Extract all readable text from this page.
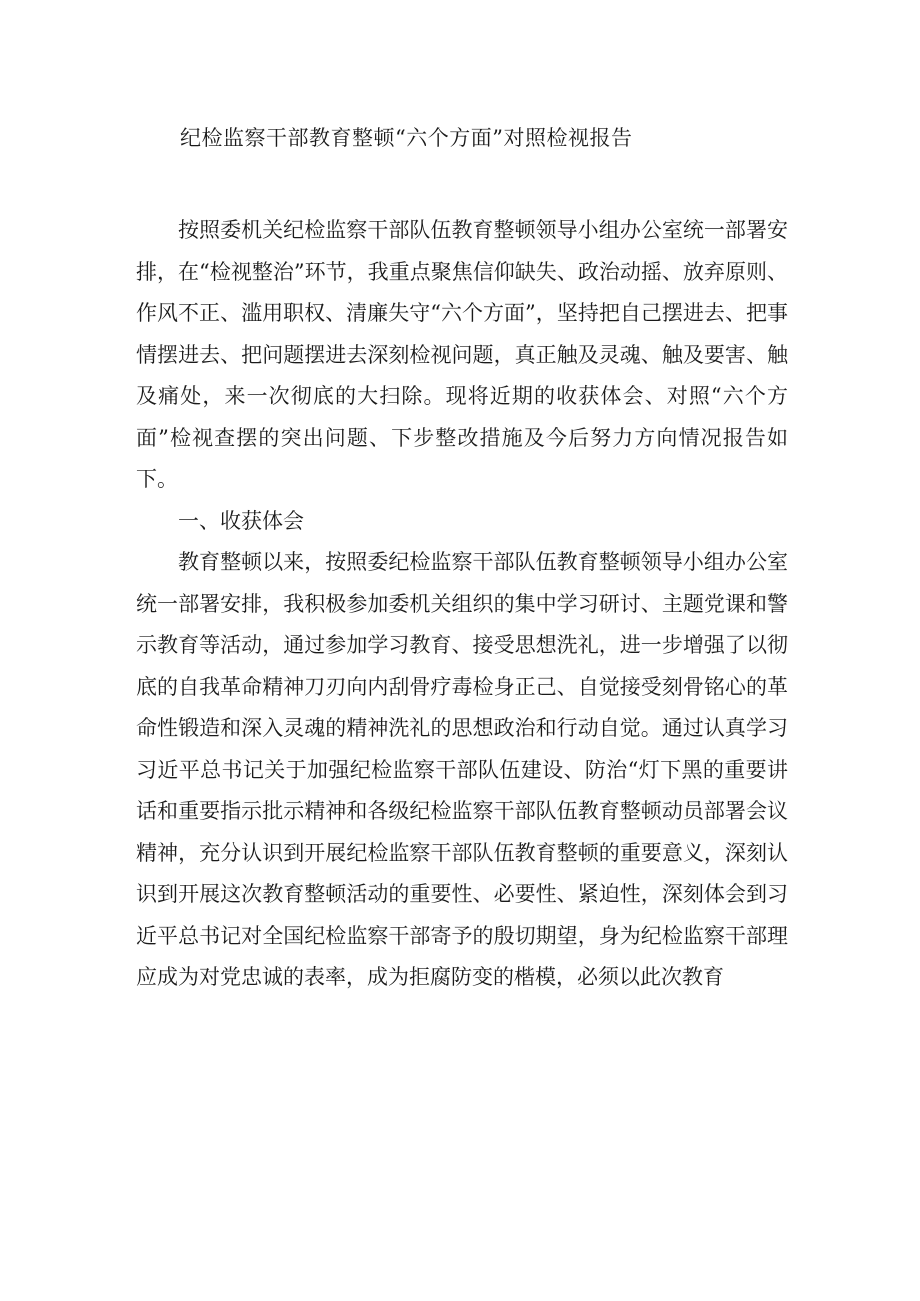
纪检监察干部教育整顿“六个方面”对照检视报告

按照委机关纪检监察干部队伍教育整顿领导小组办公室统一部署安排，在“检视整治”环节，我重点聚焦信仰缺失、政治动摇、放弃原则、作风不正、滥用职权、清廉失守“六个方面”，坚持把自己摆进去、把事情摆进去、把问题摆进去深刻检视问题，真正触及灵魂、触及要害、触及痛处，来一次彻底的大扫除。现将近期的收获体会、对照“六个方面”检视查摆的突出问题、下步整改措施及今后努力方向情况报告如下。

一、收获体会

教育整顿以来，按照委纪检监察干部队伍教育整顿领导小组办公室统一部署安排，我积极参加委机关组织的集中学习研讨、主题党课和警示教育等活动，通过参加学习教育、接受思想洗礼，进一步增强了以彻底的自我革命精神刀刃向内刮骨疗毒检身正己、自觉接受刻骨铭心的革命性锻造和深入灵魂的精神洗礼的思想政治和行动自觉。通过认真学习习近平总书记关于加强纪检监察干部队伍建设、防治“灯下黑的重要讲话和重要指示批示精神和各级纪检监察干部队伍教育整顿动员部署会议精神，充分认识到开展纪检监察干部队伍教育整顿的重要意义，深刻认识到开展这次教育整顿活动的重要性、必要性、紧迫性，深刻体会到习近平总书记对全国纪检监察干部寄予的殷切期望，身为纪检监察干部理应成为对党忠诚的表率，成为拒腐防变的楷模，必须以此次教育
